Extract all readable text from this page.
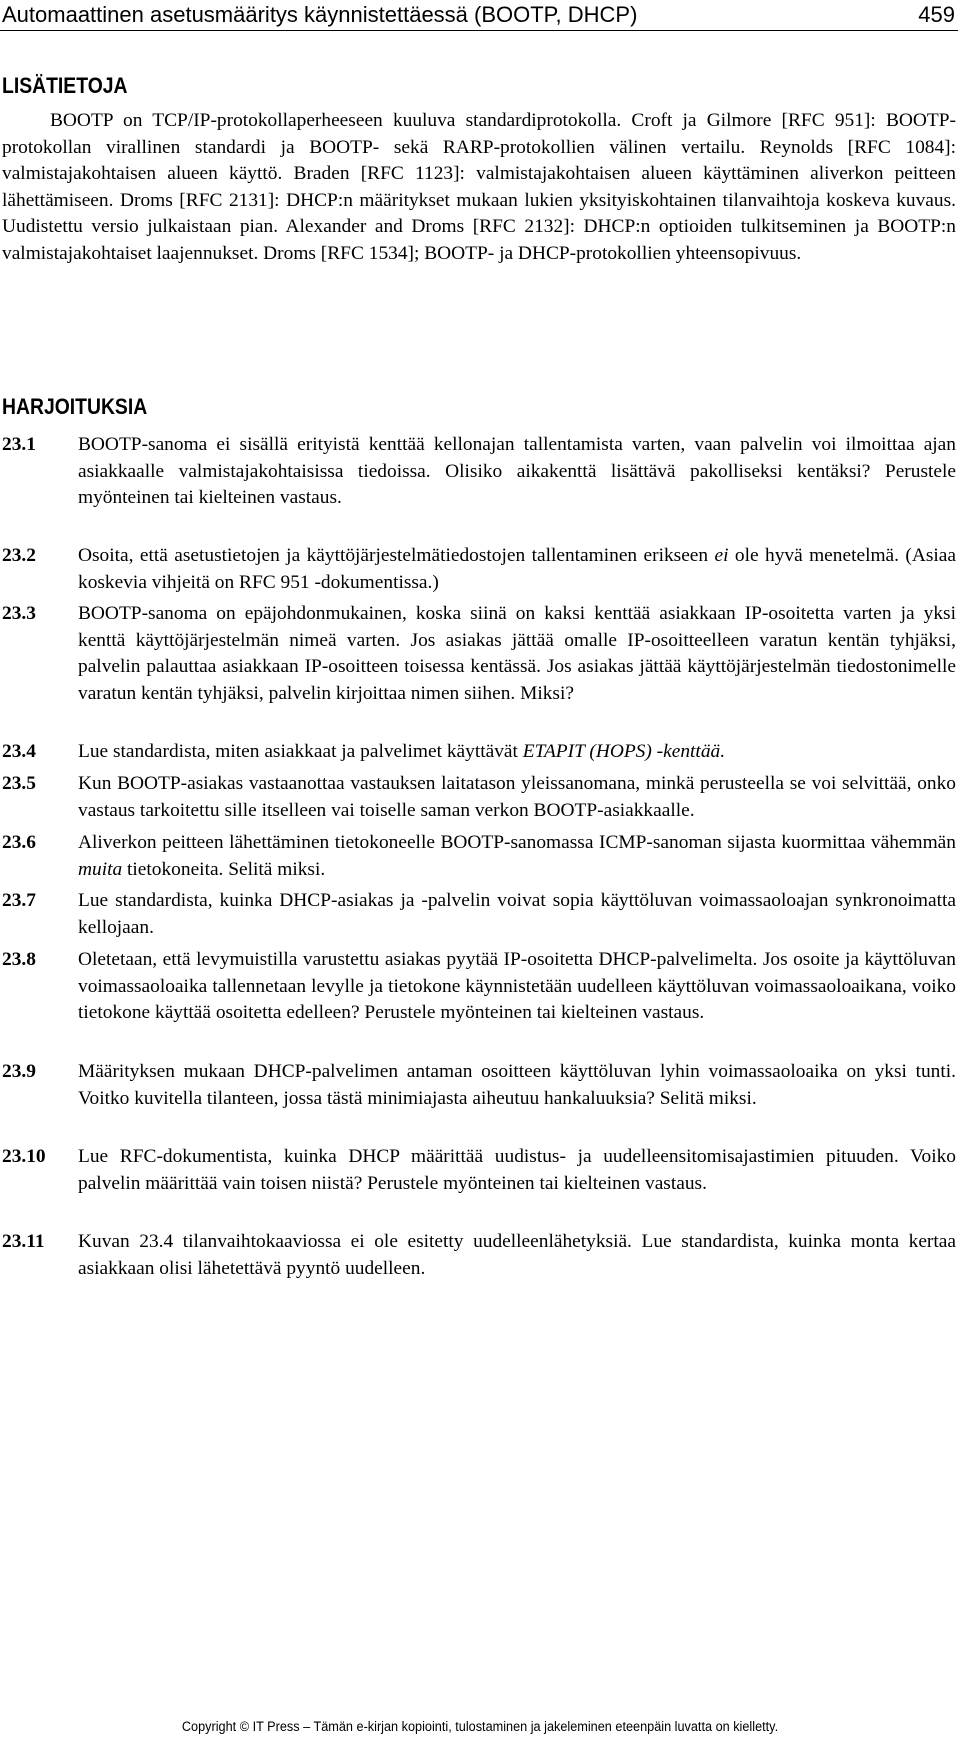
Automaattinen asetusmääritys käynnistettäessä (BOOTP, DHCP)	459
LISÄTIETOJA

BOOTP on TCP/IP-protokollaperheeseen kuuluva standardiprotokolla. Croft ja Gilmore [RFC 951]: BOOTP-protokollan virallinen standardi ja BOOTP- sekä RARP-protokollien välinen vertailu. Reynolds [RFC 1084]: valmistajakohtaisen alueen käyttö. Braden [RFC 1123]: valmistajakohtaisen alueen käyttäminen aliverkon peitteen lähettämiseen. Droms [RFC 2131]: DHCP:n määritykset mukaan lukien yksityiskohtainen tilanvaihtoja koskeva kuvaus. Uudistettu versio julkaistaan pian. Alexander and Droms [RFC 2132]: DHCP:n optioiden tulkitseminen ja BOOTP:n valmistajakohtaiset laajennukset. Droms [RFC 1534]; BOOTP- ja DHCP-protokollien yhteensopivuus.

HARJOITUKSIA
23.1 BOOTP-sanoma ei sisällä erityistä kenttää kellonajan tallentamista varten, vaan palvelin voi ilmoittaa ajan asiakkaalle valmistajakohtaisissa tiedoissa. Olisiko aikakenttä lisättävä pakolliseksi kentäksi? Perustele myönteinen tai kielteinen vastaus.
23.2 Osoita, että asetustietojen ja käyttöjärjestelmätiedostojen tallentaminen erikseen ei ole hyvä menetelmä. (Asiaa koskevia vihjeitä on RFC 951 -dokumentissa.)
23.3 BOOTP-sanoma on epäjohdonmukainen, koska siinä on kaksi kenttää asiakkaan IP-osoitetta varten ja yksi kenttä käyttöjärjestelmän nimeä varten. Jos asiakas jättää omalle IP-osoitteelleen varatun kentän tyhjäksi, palvelin palauttaa asiakkaan IP-osoitteen toisessa kentässä. Jos asiakas jättää käyttöjärjestelmän tiedostonimelle varatun kentän tyhjäksi, palvelin kirjoittaa nimen siihen. Miksi?
23.4 Lue standardista, miten asiakkaat ja palvelimet käyttävät ETAPIT (HOPS) -kenttää.
23.5 Kun BOOTP-asiakas vastaanottaa vastauksen laitatason yleissanomana, minkä perusteella se voi selvittää, onko vastaus tarkoitettu sille itselleen vai toiselle saman verkon BOOTP-asiakkaalle.
23.6 Aliverkon peitteen lähettäminen tietokoneelle BOOTP-sanomassa ICMP-sanoman sijasta kuormittaa vähemmän muita tietokoneita. Selitä miksi.
23.7 Lue standardista, kuinka DHCP-asiakas ja -palvelin voivat sopia käyttöluvan voimassaoloajan synkronoimatta kellojaan.
23.8 Oletetaan, että levymuistilla varustettu asiakas pyytää IP-osoitetta DHCP-palvelimelta. Jos osoite ja käyttöluvan voimassaoloaika tallennetaan levylle ja tietokone käynnistetään uudelleen käyttöluvan voimassaoloaikana, voiko tietokone käyttää osoitetta edelleen? Perustele myönteinen tai kielteinen vastaus.
23.9 Määrityksen mukaan DHCP-palvelimen antaman osoitteen käyttöluvan lyhin voimassaoloaika on yksi tunti. Voitko kuvitella tilanteen, jossa tästä minimiajasta aiheutuu hankaluuksia? Selitä miksi.
23.10 Lue RFC-dokumentista, kuinka DHCP määrittää uudistus- ja uudelleensitomisajastimien pituuden. Voiko palvelin määrittää vain toisen niistä? Perustele myönteinen tai kielteinen vastaus.
23.11 Kuvan 23.4 tilanvaihtokaaviossa ei ole esitetty uudelleenlähetyksiä. Lue standardista, kuinka monta kertaa asiakkaan olisi lähetettävä pyyntö uudelleen.
Copyright © IT Press – Tämän e-kirjan kopiointi, tulostaminen ja jakeleminen eteenpäin luvatta on kielletty.
